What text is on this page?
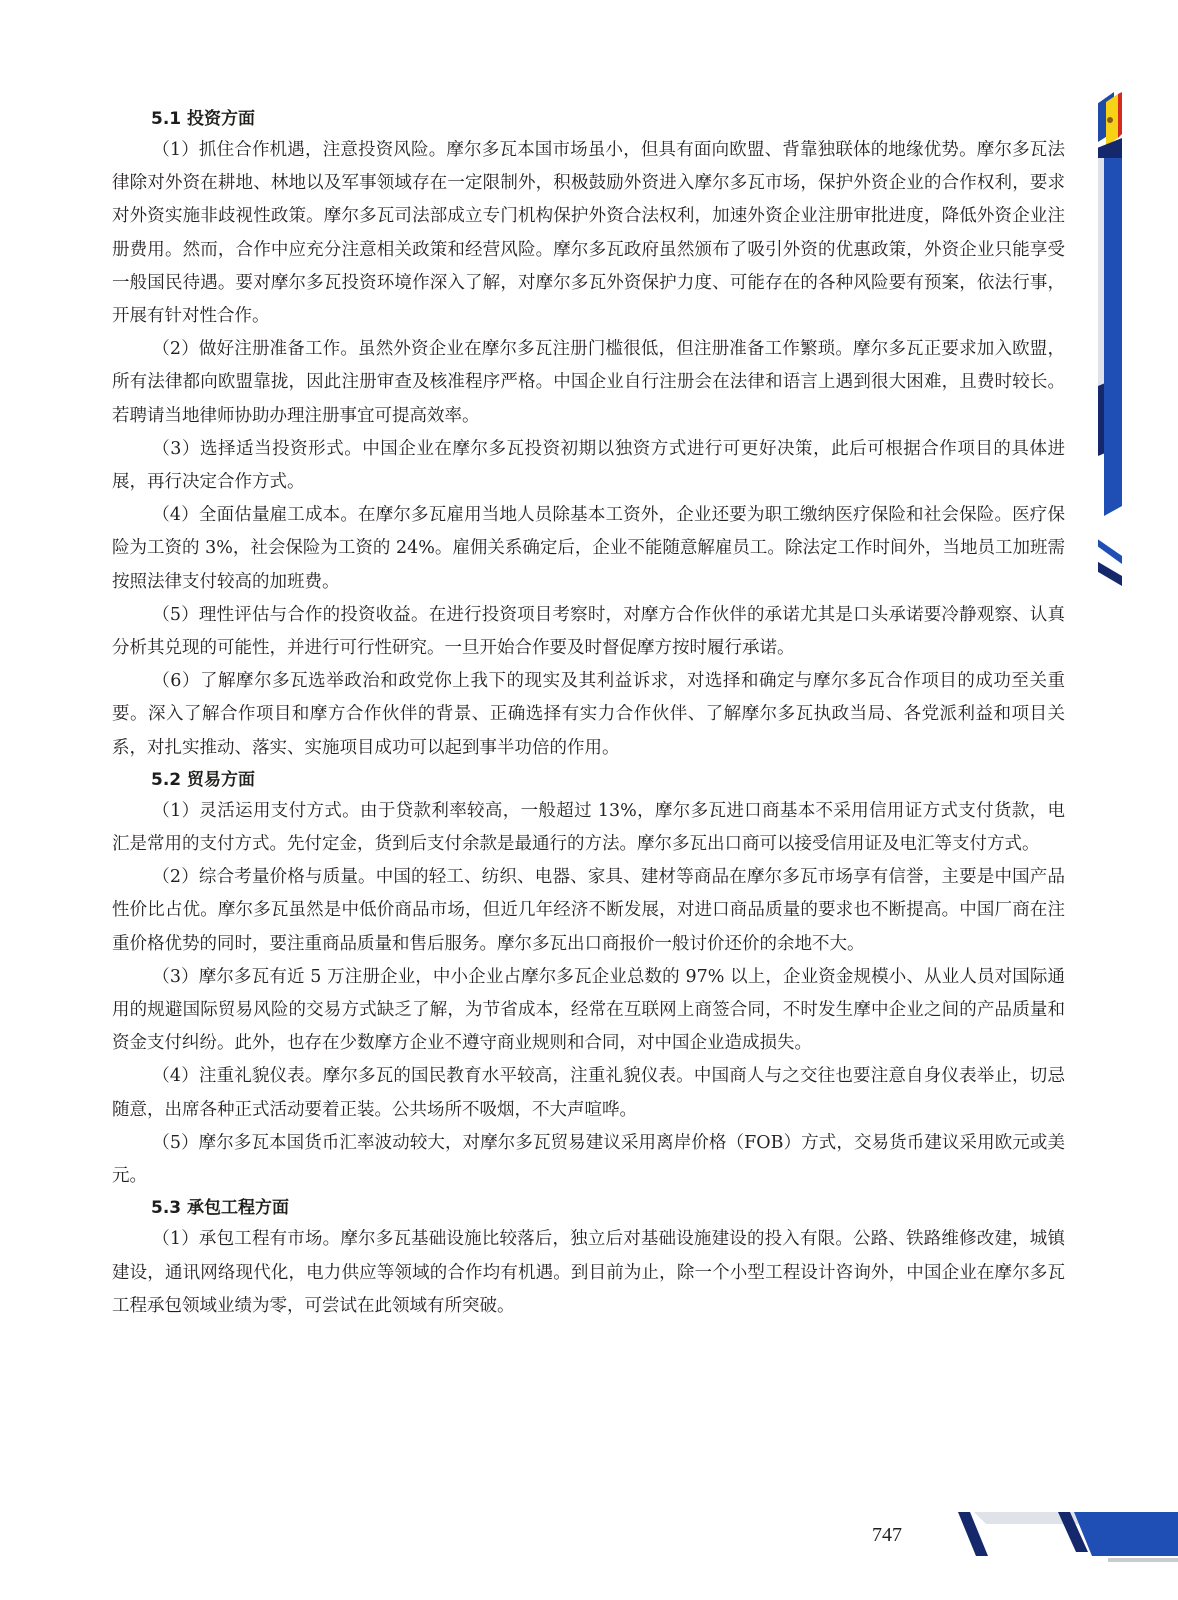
5.1 投资方面

（1）抓住合作机遇，注意投资风险。摩尔多瓦本国市场虽小，但具有面向欧盟、背靠独联体的地缘优势。摩尔多瓦法律除对外资在耕地、林地以及军事领域存在一定限制外，积极鼓励外资进入摩尔多瓦市场，保护外资企业的合作权利，要求对外资实施非歧视性政策。摩尔多瓦司法部成立专门机构保护外资合法权利，加速外资企业注册审批进度，降低外资企业注册费用。然而，合作中应充分注意相关政策和经营风险。摩尔多瓦政府虽然颁布了吸引外资的优惠政策，外资企业只能享受一般国民待遇。要对摩尔多瓦投资环境作深入了解，对摩尔多瓦外资保护力度、可能存在的各种风险要有预案，依法行事，开展有针对性合作。

（2）做好注册准备工作。虽然外资企业在摩尔多瓦注册门槛很低，但注册准备工作繁琐。摩尔多瓦正要求加入欧盟，所有法律都向欧盟靠拢，因此注册审查及核准程序严格。中国企业自行注册会在法律和语言上遇到很大困难，且费时较长。若聘请当地律师协助办理注册事宜可提高效率。

（3）选择适当投资形式。中国企业在摩尔多瓦投资初期以独资方式进行可更好决策，此后可根据合作项目的具体进展，再行决定合作方式。

（4）全面估量雇工成本。在摩尔多瓦雇用当地人员除基本工资外，企业还要为职工缴纳医疗保险和社会保险。医疗保险为工资的 3%，社会保险为工资的 24%。雇佣关系确定后，企业不能随意解雇员工。除法定工作时间外，当地员工加班需按照法律支付较高的加班费。

（5）理性评估与合作的投资收益。在进行投资项目考察时，对摩方合作伙伴的承诺尤其是口头承诺要冷静观察、认真分析其兑现的可能性，并进行可行性研究。一旦开始合作要及时督促摩方按时履行承诺。

（6）了解摩尔多瓦选举政治和政党你上我下的现实及其利益诉求，对选择和确定与摩尔多瓦合作项目的成功至关重要。深入了解合作项目和摩方合作伙伴的背景、正确选择有实力合作伙伴、了解摩尔多瓦执政当局、各党派利益和项目关系，对扎实推动、落实、实施项目成功可以起到事半功倍的作用。

5.2 贸易方面

（1）灵活运用支付方式。由于贷款利率较高，一般超过 13%，摩尔多瓦进口商基本不采用信用证方式支付货款，电汇是常用的支付方式。先付定金，货到后支付余款是最通行的方法。摩尔多瓦出口商可以接受信用证及电汇等支付方式。

（2）综合考量价格与质量。中国的轻工、纺织、电器、家具、建材等商品在摩尔多瓦市场享有信誉，主要是中国产品性价比占优。摩尔多瓦虽然是中低价商品市场，但近几年经济不断发展，对进口商品质量的要求也不断提高。中国厂商在注重价格优势的同时，要注重商品质量和售后服务。摩尔多瓦出口商报价一般讨价还价的余地不大。

（3）摩尔多瓦有近 5 万注册企业，中小企业占摩尔多瓦企业总数的 97% 以上，企业资金规模小、从业人员对国际通用的规避国际贸易风险的交易方式缺乏了解，为节省成本，经常在互联网上商签合同，不时发生摩中企业之间的产品质量和资金支付纠纷。此外，也存在少数摩方企业不遵守商业规则和合同，对中国企业造成损失。

（4）注重礼貌仪表。摩尔多瓦的国民教育水平较高，注重礼貌仪表。中国商人与之交往也要注意自身仪表举止，切忌随意，出席各种正式活动要着正装。公共场所不吸烟，不大声喧哗。

（5）摩尔多瓦本国货币汇率波动较大，对摩尔多瓦贸易建议采用离岸价格（FOB）方式，交易货币建议采用欧元或美元。

5.3 承包工程方面

（1）承包工程有市场。摩尔多瓦基础设施比较落后，独立后对基础设施建设的投入有限。公路、铁路维修改建，城镇建设，通讯网络现代化，电力供应等领域的合作均有机遇。到目前为止，除一个小型工程设计咨询外，中国企业在摩尔多瓦工程承包领域业绩为零，可尝试在此领域有所突破。

747
